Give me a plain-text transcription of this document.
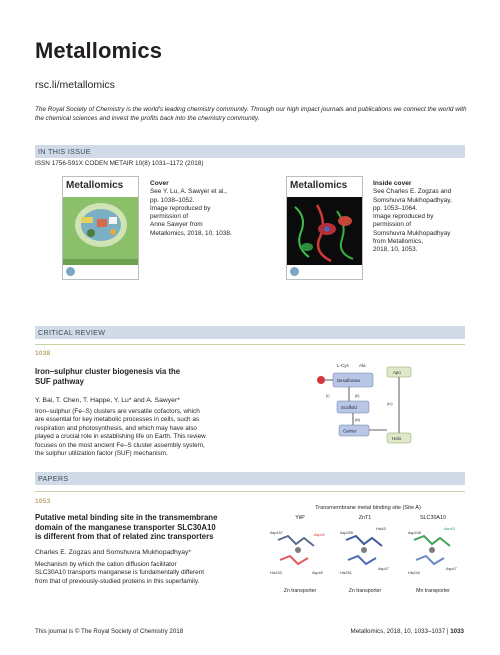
Metallomics
rsc.li/metallomics
The Royal Society of Chemistry is the world's leading chemistry community. Through our high impact journals and publications we connect the world with the chemical sciences and invest the profits back into the chemistry community.
IN THIS ISSUE
ISSN 1756-591X CODEN METAIR 10(8) 1031–1172 (2018)
Metallomics	Cover
See Y. Lu, A. Sawyer et al.,
pp. 1038–1052.
Image reproduced by
permission of
Anne Sawyer from
Metallomics, 2018, 10, 1038.
Metallomics	Inside cover
See Charles E. Zogzas and
Somshuvra Mukhopadhyay,
pp. 1053–1064.
Image reproduced by
permission of
Somshuvra Mukhopadhyay
from Metallomics,
2018, 10, 1053.
CRITICAL REVIEW
1038
Iron–sulphur cluster biogenesis via the
SUF pathway
Y. Bai, T. Chen, T. Happe, Y. Lu* and A. Sawyer*
Iron–sulphur (Fe–S) clusters are versatile cofactors, which
are essential for key metabolic processes in cells, such as
respiration and photosynthesis, and which may have also
played a crucial role in establishing life on Earth. This review
focuses on the most ancient Fe–S cluster assembly system,
the sulphur utilization factor (SUF) mechanism.
L-Cys Ala
Desulfurase
(i)
Scaffold
(ii)
Carrier
(iii)
Apo
(iv)
Holo
PAPERS
1053
Putative metal binding site in the transmembrane
domain of the manganese transporter SLC30A10
is different from that of related zinc transporters
Charles E. Zogzas and Somshuvra Mukhopadhyay*
Mechanism by which the cation diffusion facilitator
SLC30A10 transports manganese is fundamentally different
from that of previously-studied proteins in this superfamily.
Transmembrane metal binding site (Site A)
YiiP
Asp157	Asp49
His153	Asp45
Zn transporter
ZnT1
Asp255
His43
His251
Asp47
Zn transporter
SLC30A10
Asp248
Asn43
His244
Asp47
Mn transporter
This journal is © The Royal Society of Chemistry 2018	Metallomics, 2018, 10, 1033–1037 | 1033
